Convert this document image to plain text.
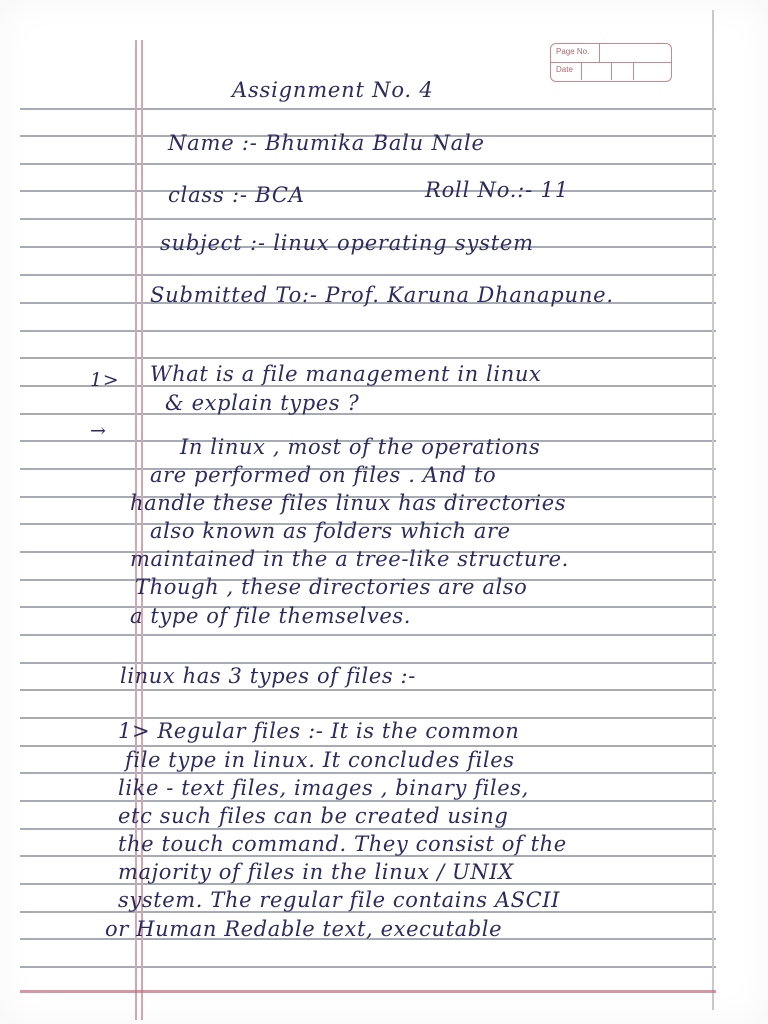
Page No.
Date
Assignment No. 4
Name :- Bhumika Balu Nale
class :- BCA	Roll No.:- 11
subject :- linux operating system
Submitted To:- Prof. Karuna Dhanapune.
1> What is a file management in linux
& explain types ?
→
In linux , most of the operations
are performed on files . And to
handle these files linux has directories
also known as folders which are
maintained in the a tree-like structure.
Though , these directories are also
a type of file themselves.
linux has 3 types of files :-
1> Regular files :- It is the common
file type in linux. It concludes files
like - text files, images , binary files,
etc such files can be created using
the touch command. They consist of the
majority of files in the linux / UNIX
system. The regular file contains ASCII
or Human Redable text, executable
